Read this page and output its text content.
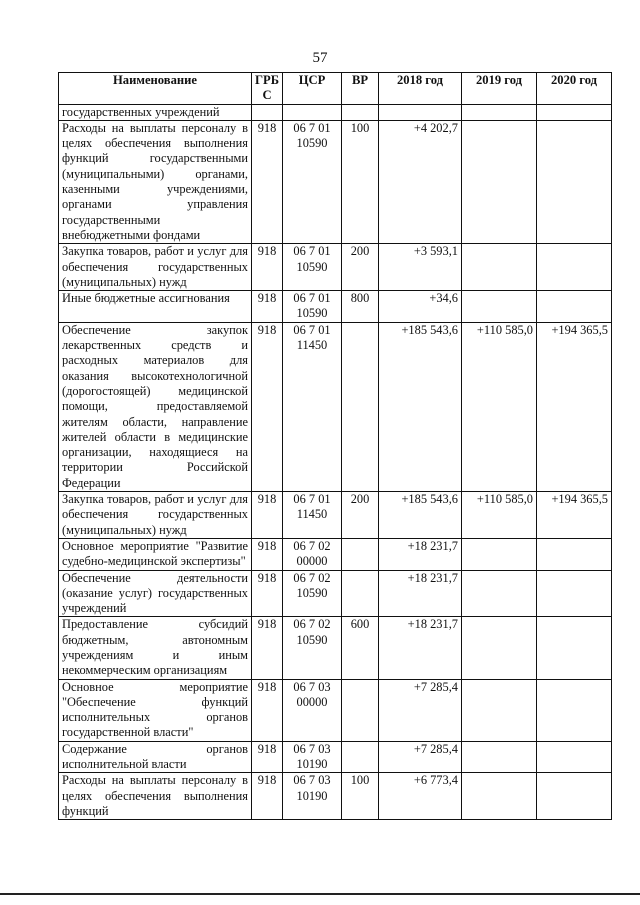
57
Наименование	ГРБ С	ЦСР	ВР	2018 год	2019 год	2020 год
государственных учреждений						
Расходы на выплаты персоналу в целях обеспечения выполнения функций государственными (муниципальными) органами, казенными учреждениями, органами управления государственными внебюджетными фондами	918	06 7 01 10590	100	+4 202,7		
Закупка товаров, работ и услуг для обеспечения государственных (муниципальных) нужд	918	06 7 01 10590	200	+3 593,1		
Иные бюджетные ассигнования	918	06 7 01 10590	800	+34,6		
Обеспечение закупок лекарственных средств и расходных материалов для оказания высокотехнологичной (дорогостоящей) медицинской помощи, предоставляемой жителям области, направление жителей области в медицинские организации, находящиеся на территории Российской Федерации	918	06 7 01 11450		+185 543,6	+110 585,0	+194 365,5
Закупка товаров, работ и услуг для обеспечения государственных (муниципальных) нужд	918	06 7 01 11450	200	+185 543,6	+110 585,0	+194 365,5
Основное мероприятие "Развитие судебно-медицинской экспертизы"	918	06 7 02 00000		+18 231,7		
Обеспечение деятельности (оказание услуг) государственных учреждений	918	06 7 02 10590		+18 231,7		
Предоставление субсидий бюджетным, автономным учреждениям и иным некоммерческим организациям	918	06 7 02 10590	600	+18 231,7		
Основное мероприятие "Обеспечение функций исполнительных органов государственной власти"	918	06 7 03 00000		+7 285,4		
Содержание органов исполнительной власти	918	06 7 03 10190		+7 285,4		
Расходы на выплаты персоналу в целях обеспечения выполнения функций	918	06 7 03 10190	100	+6 773,4		
